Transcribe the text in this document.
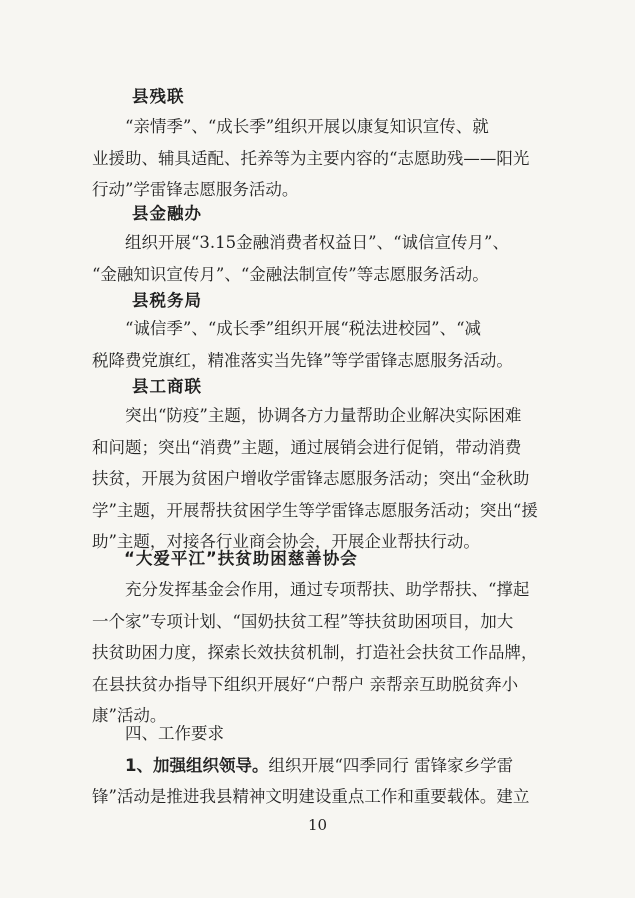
县残联
“亲情季”、“成长季”组织开展以康复知识宣传、就
业援助、辅具适配、托养等为主要内容的“志愿助残——阳光
行动”学雷锋志愿服务活动。
县金融办
组织开展“3.15金融消费者权益日”、“诚信宣传月”、
“金融知识宣传月”、“金融法制宣传”等志愿服务活动。
县税务局
“诚信季”、“成长季”组织开展“税法进校园”、“减
税降费党旗红，精准落实当先锋”等学雷锋志愿服务活动。
县工商联
突出“防疫”主题，协调各方力量帮助企业解决实际困难
和问题；突出“消费”主题，通过展销会进行促销，带动消费
扶贫，开展为贫困户增收学雷锋志愿服务活动；突出“金秋助
学”主题，开展帮扶贫困学生等学雷锋志愿服务活动；突出“援
助”主题，对接各行业商会协会，开展企业帮扶行动。
“大爱平江”扶贫助困慈善协会
充分发挥基金会作用，通过专项帮扶、助学帮扶、“撑起
一个家”专项计划、“国奶扶贫工程”等扶贫助困项目，加大
扶贫助困力度，探索长效扶贫机制，打造社会扶贫工作品牌，
在县扶贫办指导下组织开展好“户帮户 亲帮亲互助脱贫奔小
康”活动。
四、工作要求
1、加强组织领导。组织开展“四季同行 雷锋家乡学雷
锋”活动是推进我县精神文明建设重点工作和重要载体。建立
10
